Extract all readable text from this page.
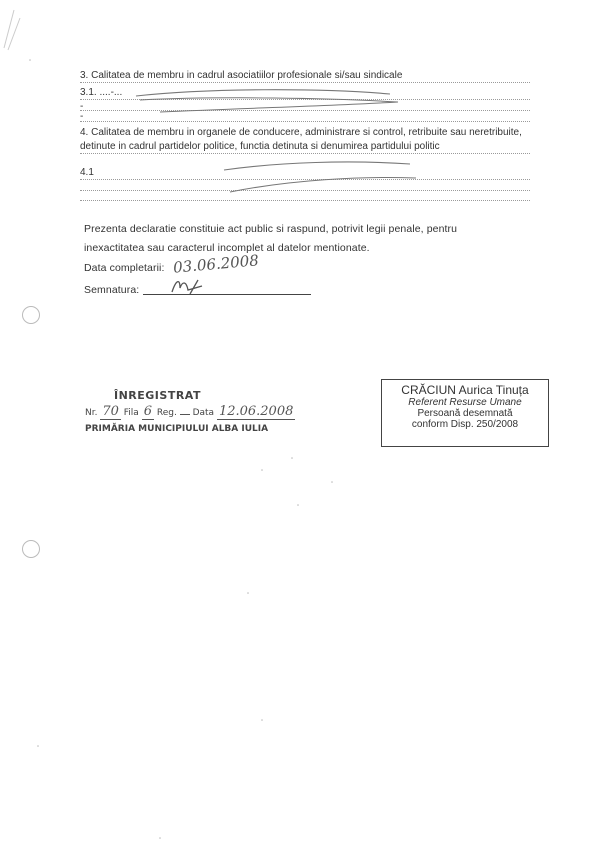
3. Calitatea de membru in cadrul asociatiilor profesionale si/sau sindicale
3.1. ....-...
-
-
4. Calitatea de membru in organele de conducere, administrare si control, retribuite sau neretribuite,
detinute in cadrul partidelor politice, functia detinuta si denumirea partidului politic
4.1
Prezenta declaratie constituie act public si raspund, potrivit legii penale, pentru
inexactitatea sau caracterul incomplet al datelor mentionate.
Data completarii: 03.06.2008
Semnatura:
ÎNREGISTRAT
Nr. 70 Fila 6 Reg. Data 12.06.2008
PRIMĂRIA MUNICIPIULUI ALBA IULIA
CRĂCIUN Aurica Tinuța
Referent Resurse Umane
Persoană desemnată
conform Disp. 250/2008
